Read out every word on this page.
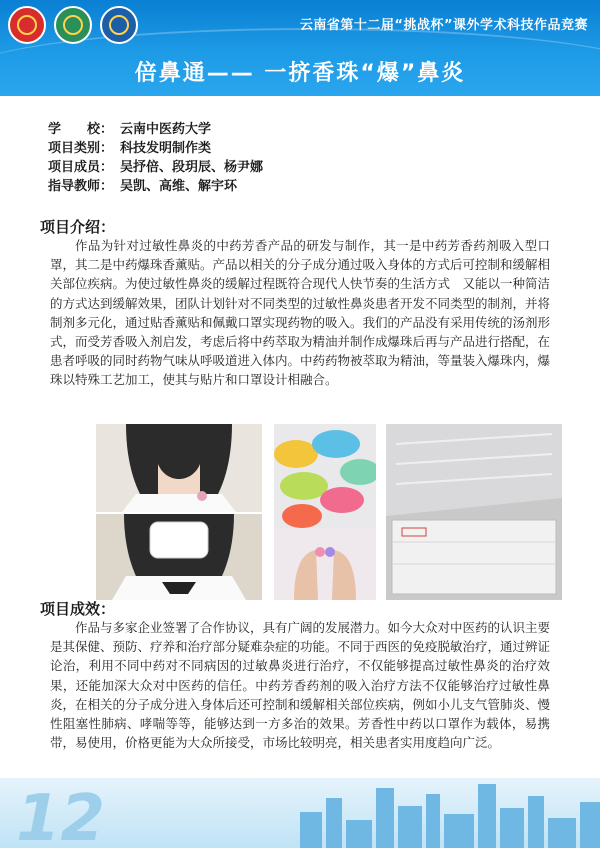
云南省第十二届“挑战杯”课外学术科技作品竞赛
倍鼻通—— 一挤香珠“爆”鼻炎
学　　校： 云南中医药大学
项目类别： 科技发明制作类
项目成员： 吴抒倍、段玥辰、杨尹娜
指导教师： 吴凯、高维、解宇环
项目介绍：
作品为针对过敏性鼻炎的中药芳香产品的研发与制作，其一是中药芳香药剂吸入型口罩，其二是中药爆珠香薰贴。产品以相关的分子成分通过吸入身体的方式后可控制和缓解相关部位疾病。为使过敏性鼻炎的缓解过程既符合现代人快节奏的生活方式　又能以一种简洁的方式达到缓解效果，团队计划针对不同类型的过敏性鼻炎患者开发不同类型的制剂，并将制剂多元化，通过贴香薰贴和佩戴口罩实现药物的吸入。我们的产品没有采用传统的汤剂形式，而受芳香吸入剂启发，考虑后将中药萃取为精油并制作成爆珠后再与产品进行搭配，在患者呼吸的同时药物气味从呼吸道进入体内。中药药物被萃取为精油，等量装入爆珠内，爆珠以特殊工艺加工，使其与贴片和口罩设计相融合。
项目成效：
作品与多家企业签署了合作协议，具有广阔的发展潜力。如今大众对中医药的认识主要是其保健、预防、疗养和治疗部分疑难杂症的功能。不同于西医的免疫脱敏治疗，通过辨证论治，利用不同中药对不同病因的过敏鼻炎进行治疗，不仅能够提高过敏性鼻炎的治疗效果，还能加深大众对中医药的信任。中药芳香药剂的吸入治疗方法不仅能够治疗过敏性鼻炎，在相关的分子成分进入身体后还可控制和缓解相关部位疾病，例如小儿支气管肺炎、慢性阻塞性肺病、哮喘等等，能够达到一方多治的效果。芳香性中药以口罩作为载体，易携带，易使用，价格更能为大众所接受，市场比较明亮，相关患者实用度趋向广泛。
12
